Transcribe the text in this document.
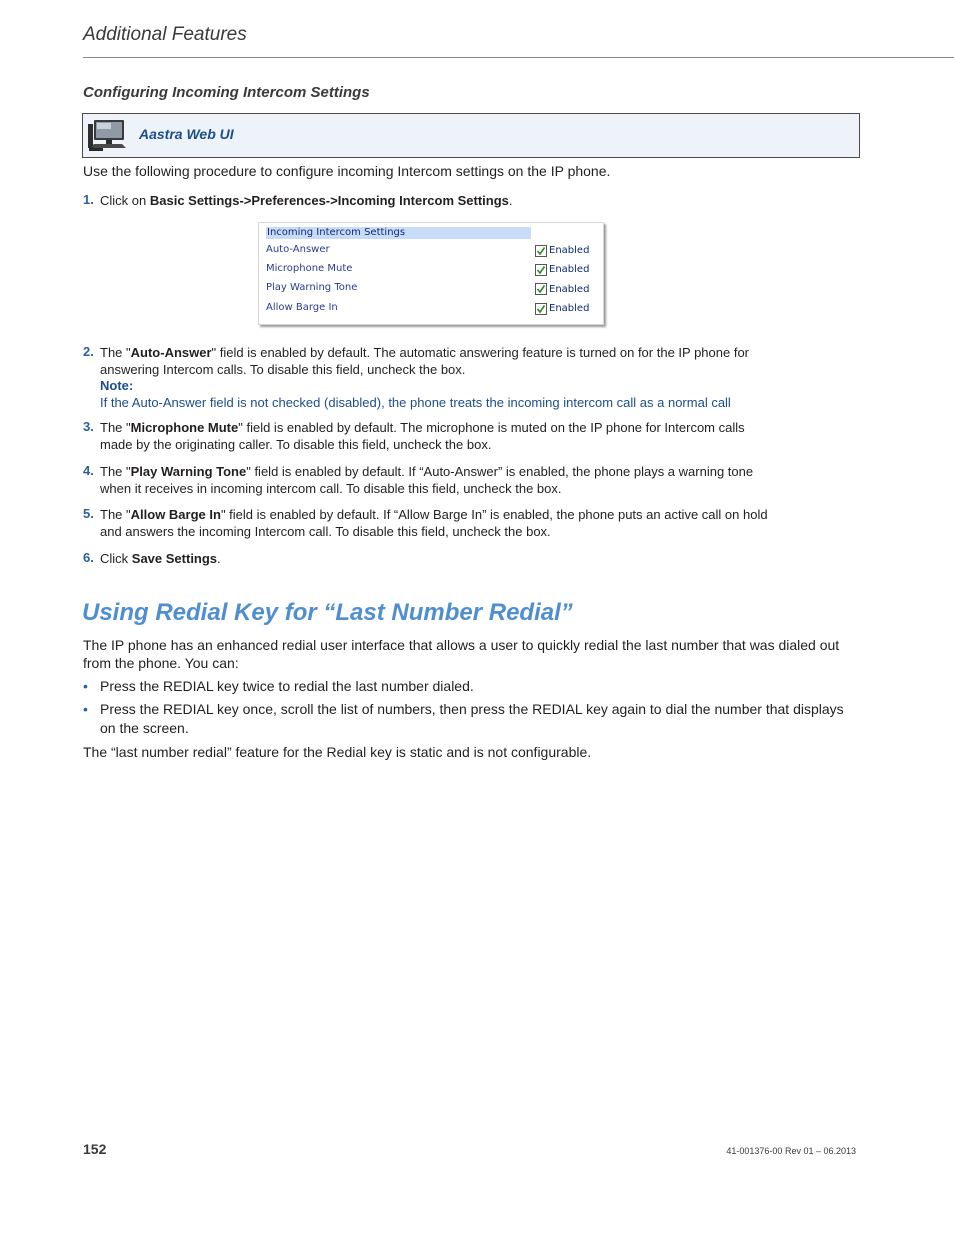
Additional Features
Configuring Incoming Intercom Settings
Aastra Web UI
Use the following procedure to configure incoming Intercom settings on the IP phone.
1. Click on Basic Settings->Preferences->Incoming Intercom Settings.
Incoming Intercom Settings
Auto-Answer	Enabled
Microphone Mute	Enabled
Play Warning Tone	Enabled
Allow Barge In	Enabled
2. The "Auto-Answer" field is enabled by default. The automatic answering feature is turned on for the IP phone for answering Intercom calls. To disable this field, uncheck the box.
Note:
If the Auto-Answer field is not checked (disabled), the phone treats the incoming intercom call as a normal call
3. The "Microphone Mute" field is enabled by default. The microphone is muted on the IP phone for Intercom calls made by the originating caller. To disable this field, uncheck the box.
4. The "Play Warning Tone" field is enabled by default. If “Auto-Answer” is enabled, the phone plays a warning tone when it receives in incoming intercom call. To disable this field, uncheck the box.
5. The "Allow Barge In" field is enabled by default. If “Allow Barge In” is enabled, the phone puts an active call on hold and answers the incoming Intercom call. To disable this field, uncheck the box.
6. Click Save Settings.
Using Redial Key for “Last Number Redial”
The IP phone has an enhanced redial user interface that allows a user to quickly redial the last number that was dialed out from the phone. You can:
• Press the REDIAL key twice to redial the last number dialed.
• Press the REDIAL key once, scroll the list of numbers, then press the REDIAL key again to dial the number that displays on the screen.
The “last number redial” feature for the Redial key is static and is not configurable.
152	41-001376-00 Rev 01 – 06.2013
